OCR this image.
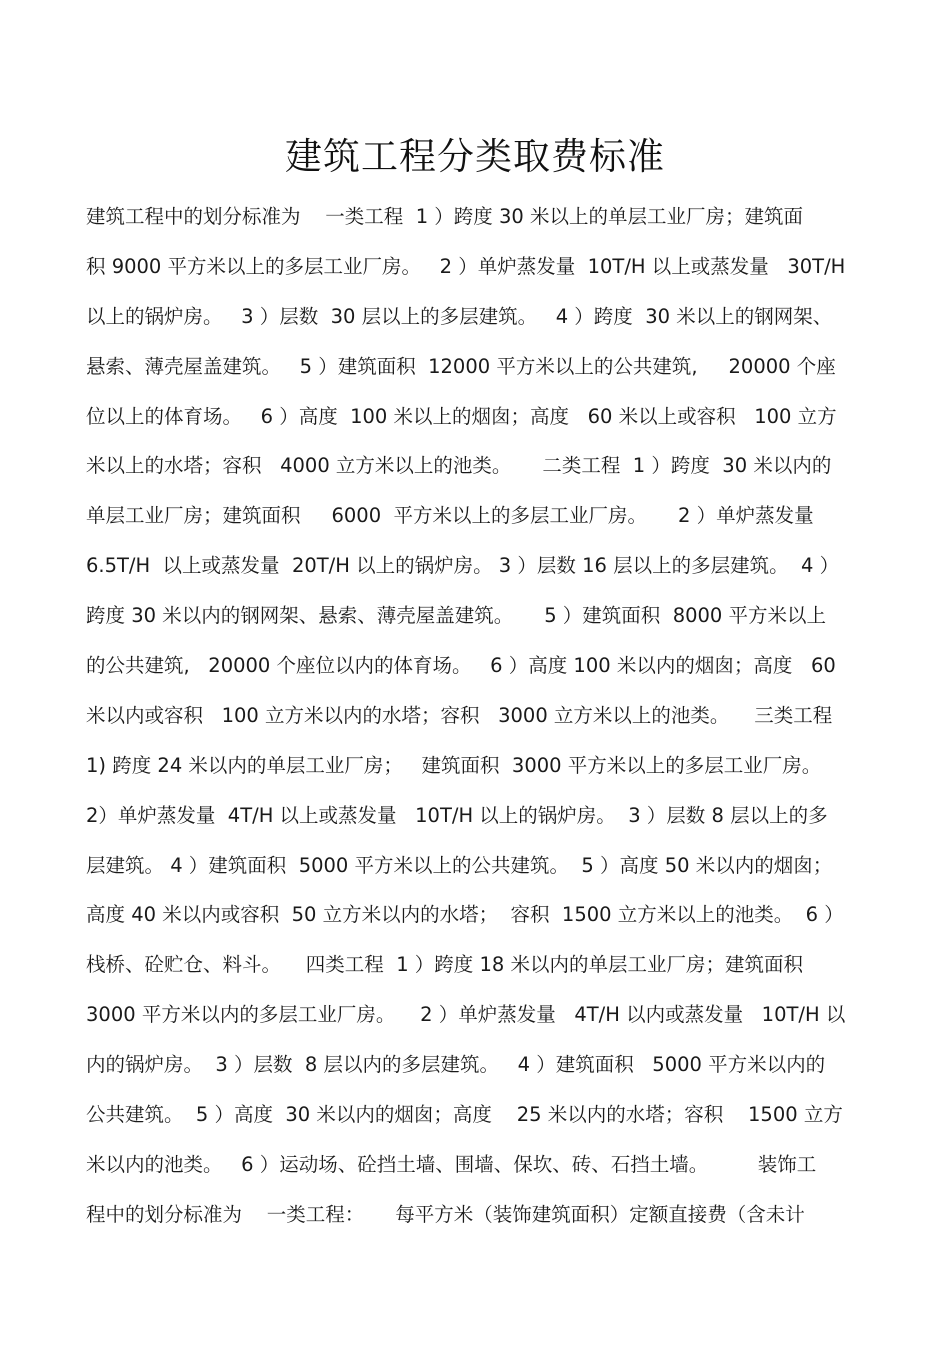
建筑工程分类取费标准
建筑工程中的划分标准为    一类工程  1 ）跨度 30 米以上的单层工业厂房；建筑面
积 9000 平方米以上的多层工业厂房。   2 ）单炉蒸发量  10T/H 以上或蒸发量   30T/H
以上的锅炉房。   3 ）层数  30 层以上的多层建筑。   4 ）跨度  30 米以上的钢网架、
悬索、薄壳屋盖建筑。   5 ）建筑面积  12000 平方米以上的公共建筑,     20000 个座
位以上的体育场。   6 ）高度  100 米以上的烟囱；高度   60 米以上或容积   100 立方
米以上的水塔；容积   4000 立方米以上的池类。     二类工程  1 ）跨度  30 米以内的
单层工业厂房；建筑面积     6000  平方米以上的多层工业厂房。     2 ）单炉蒸发量
6.5T/H  以上或蒸发量  20T/H 以上的锅炉房。 3 ）层数 16 层以上的多层建筑。  4 ）
跨度 30 米以内的钢网架、悬索、薄壳屋盖建筑。     5 ）建筑面积  8000 平方米以上
的公共建筑,   20000 个座位以内的体育场。   6 ）高度 100 米以内的烟囱；高度   60
米以内或容积   100 立方米以内的水塔；容积   3000 立方米以上的池类。    三类工程
1) 跨度 24 米以内的单层工业厂房；   建筑面积  3000 平方米以上的多层工业厂房。
2）单炉蒸发量  4T/H 以上或蒸发量   10T/H 以上的锅炉房。  3 ）层数 8 层以上的多
层建筑。 4 ）建筑面积  5000 平方米以上的公共建筑。  5 ）高度 50 米以内的烟囱；
高度 40 米以内或容积  50 立方米以内的水塔；  容积  1500 立方米以上的池类。  6 ）
栈桥、砼贮仓、料斗。    四类工程  1 ）跨度 18 米以内的单层工业厂房；建筑面积
3000 平方米以内的多层工业厂房。    2 ）单炉蒸发量   4T/H 以内或蒸发量   10T/H 以
内的锅炉房。  3 ）层数  8 层以内的多层建筑。   4 ）建筑面积   5000 平方米以内的
公共建筑。  5 ）高度  30 米以内的烟囱；高度    25 米以内的水塔；容积    1500 立方
米以内的池类。   6 ）运动场、砼挡土墙、围墙、保坎、砖、石挡土墙。        装饰工
程中的划分标准为    一类工程：     每平方米（装饰建筑面积）定额直接费（含未计
